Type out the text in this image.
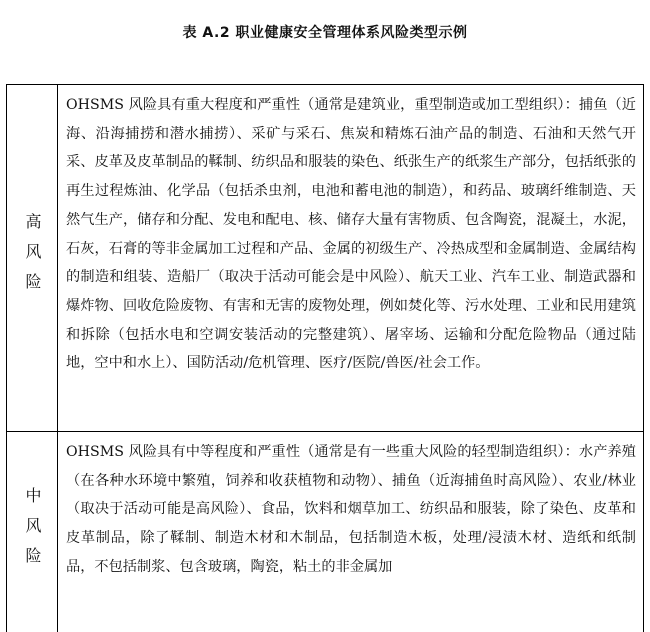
表 A.2 职业健康安全管理体系风险类型示例
高风险
OHSMS 风险具有重大程度和严重性（通常是建筑业，重型制造或加工型组织）：捕鱼（近海、沿海捕捞和潜水捕捞）、采矿与采石、焦炭和精炼石油产品的制造、石油和天然气开采、皮革及皮革制品的鞣制、纺织品和服装的染色、纸张生产的纸浆生产部分，包括纸张的再生过程炼油、化学品（包括杀虫剂，电池和蓄电池的制造），和药品、玻璃纤维制造、天然气生产，储存和分配、发电和配电、核、储存大量有害物质、包含陶瓷，混凝土，水泥，石灰，石膏的等非金属加工过程和产品、金属的初级生产、冷热成型和金属制造、金属结构的制造和组装、造船厂（取决于活动可能会是中风险）、航天工业、汽车工业、制造武器和爆炸物、回收危险废物、有害和无害的废物处理，例如焚化等、污水处理、工业和民用建筑和拆除（包括水电和空调安装活动的完整建筑）、屠宰场、运输和分配危险物品（通过陆地，空中和水上）、国防活动/危机管理、医疗/医院/兽医/社会工作。
中风险
OHSMS 风险具有中等程度和严重性（通常是有一些重大风险的轻型制造组织）：水产养殖（在各种水环境中繁殖，饲养和收获植物和动物）、捕鱼（近海捕鱼时高风险）、农业/林业（取决于活动可能是高风险）、食品，饮料和烟草加工、纺织品和服装，除了染色、皮革和皮革制品，除了鞣制、制造木材和木制品，包括制造木板，处理/浸渍木材、造纸和纸制品，不包括制浆、包含玻璃，陶瓷，粘土的非金属加
